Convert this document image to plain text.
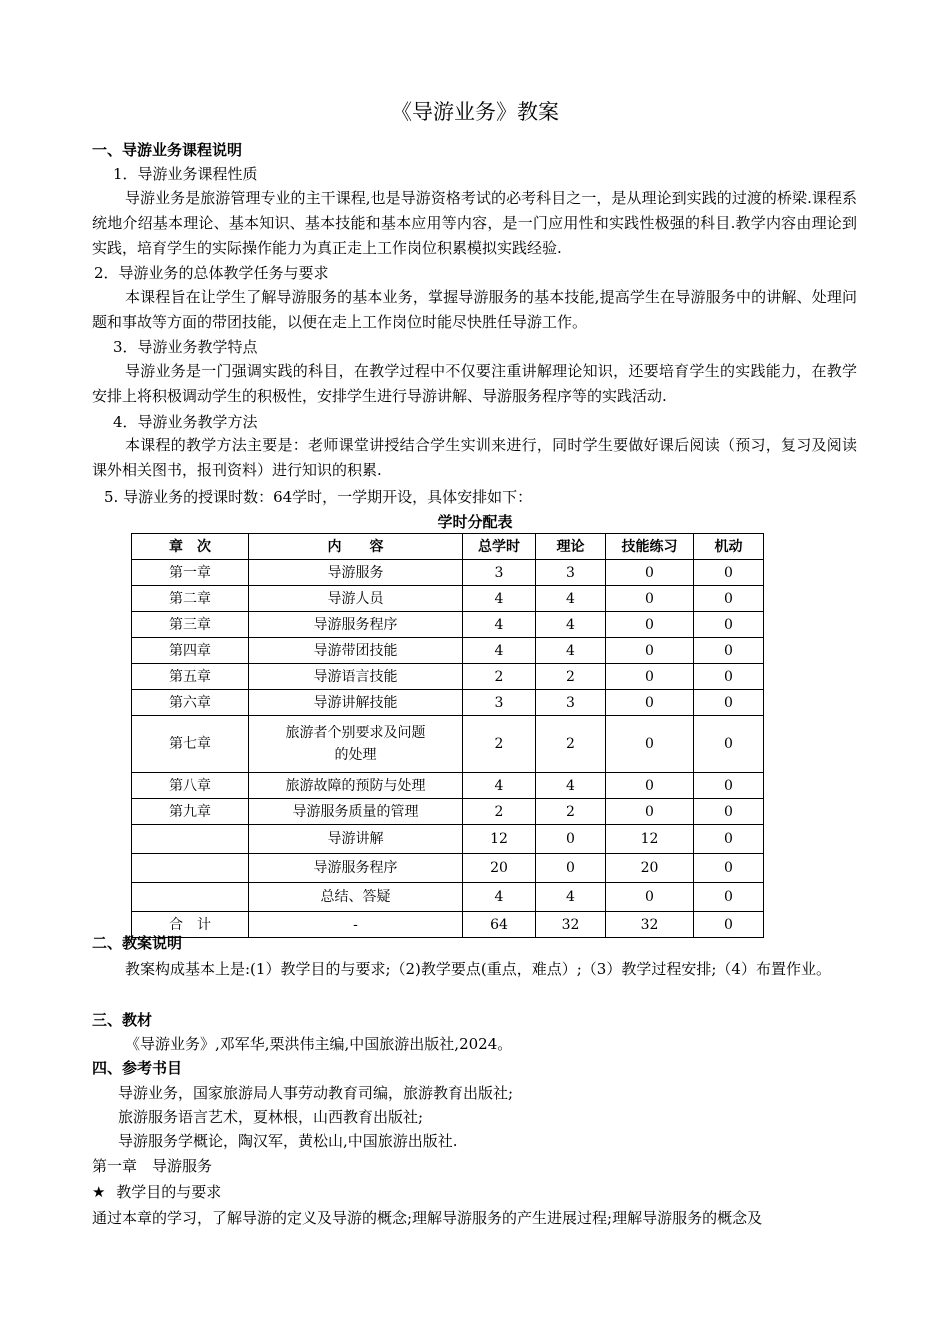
《导游业务》教案
一、导游业务课程说明
1．导游业务课程性质
导游业务是旅游管理专业的主干课程,也是导游资格考试的必考科目之一，是从理论到实践的过渡的桥梁.课程系统地介绍基本理论、基本知识、基本技能和基本应用等内容，是一门应用性和实践性极强的科目.教学内容由理论到实践，培育学生的实际操作能力为真正走上工作岗位积累模拟实践经验.
2．导游业务的总体教学任务与要求
本课程旨在让学生了解导游服务的基本业务，掌握导游服务的基本技能,提高学生在导游服务中的讲解、处理问题和事故等方面的带团技能，以便在走上工作岗位时能尽快胜任导游工作。
3．导游业务教学特点
导游业务是一门强调实践的科目，在教学过程中不仅要注重讲解理论知识，还要培育学生的实践能力，在教学安排上将积极调动学生的积极性，安排学生进行导游讲解、导游服务程序等的实践活动.
4．导游业务教学方法
本课程的教学方法主要是：老师课堂讲授结合学生实训来进行，同时学生要做好课后阅读（预习，复习及阅读课外相关图书，报刊资料）进行知识的积累.
5. 导游业务的授课时数：64学时，一学期开设，具体安排如下：
学时分配表
章　次	内　　容	总学时	理论	技能练习	机动
第一章	导游服务	3	3	0	0
第二章	导游人员	4	4	0	0
第三章	导游服务程序	4	4	0	0
第四章	导游带团技能	4	4	0	0
第五章	导游语言技能	2	2	0	0
第六章	导游讲解技能	3	3	0	0
第七章	旅游者个别要求及问题的处理	2	2	0	0
第八章	旅游故障的预防与处理	4	4	0	0
第九章	导游服务质量的管理	2	2	0	0
	导游讲解	12	0	12	0
	导游服务程序	20	0	20	0
	总结、答疑	4	4	0	0
合　计	-	64	32	32	0
二、教案说明
教案构成基本上是:(1）教学目的与要求;（2)教学要点(重点，难点）;（3）教学过程安排;（4）布置作业。
三、教材
《导游业务》,邓军华,栗洪伟主编,中国旅游出版社,2024。
四、参考书目
导游业务，国家旅游局人事劳动教育司编，旅游教育出版社;
旅游服务语言艺术，夏林根，山西教育出版社;
导游服务学概论，陶汉军，黄松山,中国旅游出版社.
第一章　导游服务
★ 教学目的与要求
通过本章的学习，了解导游的定义及导游的概念;理解导游服务的产生进展过程;理解导游服务的概念及
